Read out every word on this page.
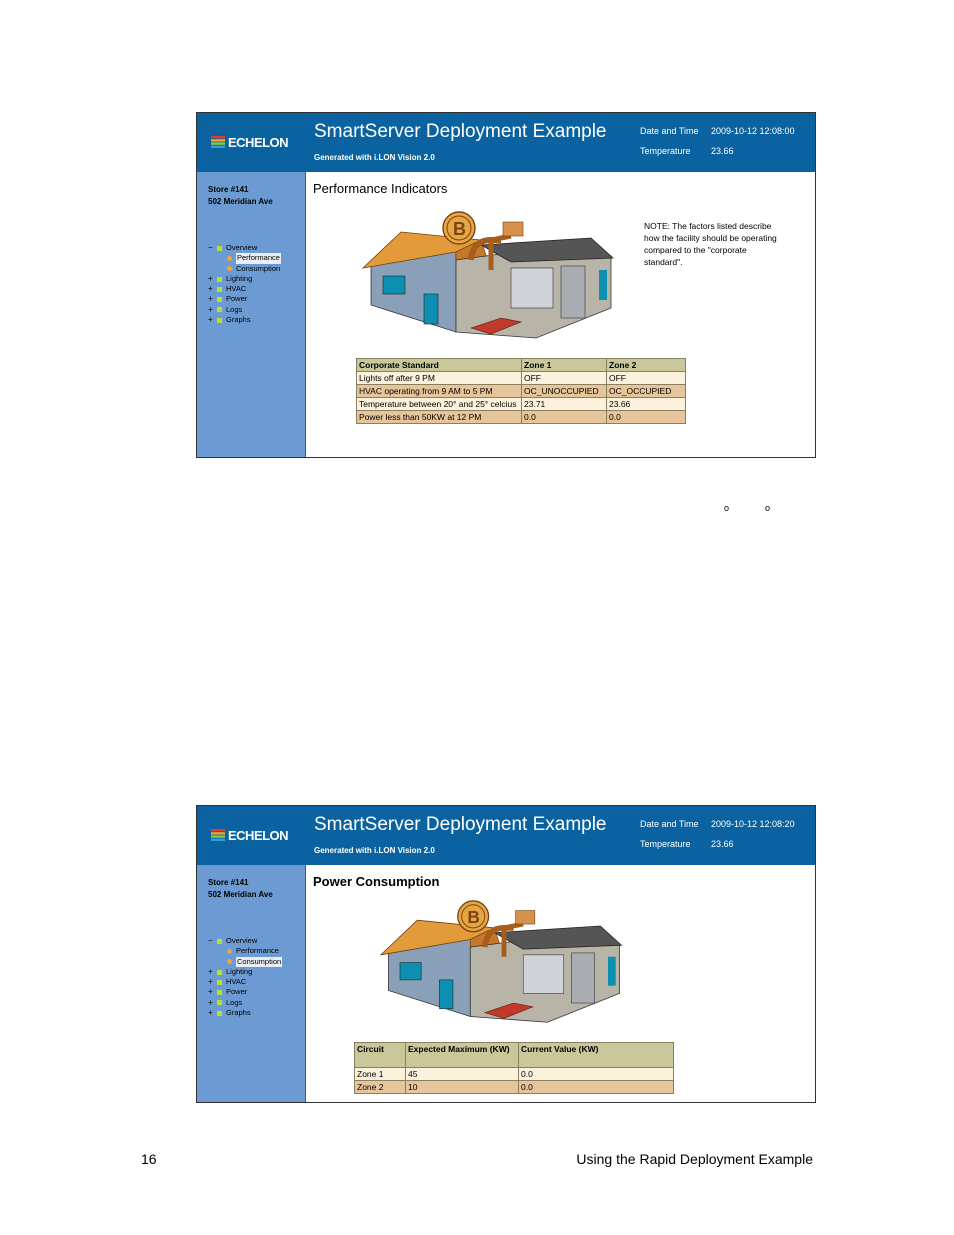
ECHELON SmartServer Deployment Example
Generated with i.LON Vision 2.0
Date and Time 2009-10-12 12:08:00
Temperature 23.66
Store #141
502 Meridian Ave
−	Overview
Performance
Consumption
+	Lighting
+	HVAC
+	Power
+	Logs
+	Graphs
Performance Indicators
NOTE: The factors listed describe how the facility should be operating compared to the "corporate standard".
B
Corporate Standard	Zone 1	Zone 2
Lights off after 9 PM	OFF	OFF
HVAC operating from 9 AM to 5 PM	OC_UNOCCUPIED	OC_OCCUPIED
Temperature between 20° and 25° celcius	23.71	23.66
Power less than 50KW at 12 PM	0.0	0.0
o	o
ECHELON SmartServer Deployment Example
Generated with i.LON Vision 2.0
Date and Time 2009-10-12 12:08:20
Temperature 23.66
Store #141
502 Meridian Ave
−	Overview
Performance
Consumption
+	Lighting
+	HVAC
+	Power
+	Logs
+	Graphs
Power Consumption
B
Circuit	Expected Maximum (KW)	Current Value (KW)
Zone 1	45	0.0
Zone 2	10	0.0
16	Using the Rapid Deployment Example
